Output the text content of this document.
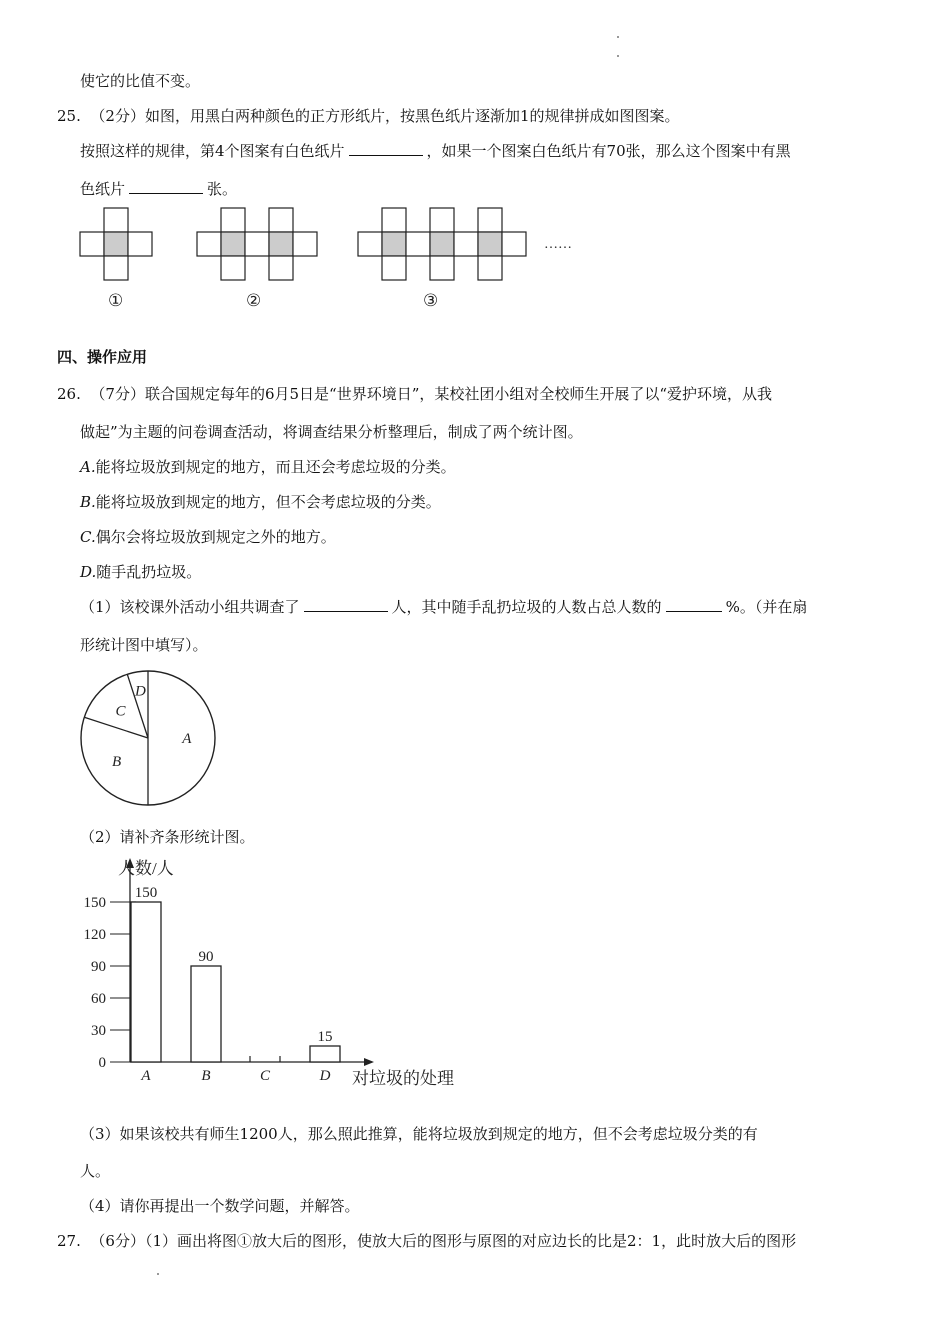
使它的比值不变。
25. （2分）如图，用黑白两种颜色的正方形纸片，按黑色纸片逐渐加1的规律拼成如图图案。
按照这样的规律，第4个图案有白色纸片	，如果一个图案白色纸片有70张，那么这个图案中有黑
色纸片	张。
……
①	②	③
四、操作应用
26. （7分）联合国规定每年的6月5日是“世界环境日”，某校社团小组对全校师生开展了以“爱护环境，从我
做起”为主题的问卷调查活动，将调查结果分析整理后，制成了两个统计图。
A.能将垃圾放到规定的地方，而且还会考虑垃圾的分类。
B.能将垃圾放到规定的地方，但不会考虑垃圾的分类。
C.偶尔会将垃圾放到规定之外的地方。
D.随手乱扔垃圾。
（1）该校课外活动小组共调查了	人，其中随手乱扔垃圾的人数占总人数的	%。（并在扇
形统计图中填写）。
A
B
C
D
（2）请补齐条形统计图。
人数/人
对垃圾的处理
0
30
60
90
120
150
A
150
B
90
C	D
15
（3）如果该校共有师生1200人，那么照此推算，能将垃圾放到规定的地方，但不会考虑垃圾分类的有
人。
（4）请你再提出一个数学问题，并解答。
27. （6分）（1）画出将图①放大后的图形，使放大后的图形与原图的对应边长的比是2：1，此时放大后的图形
